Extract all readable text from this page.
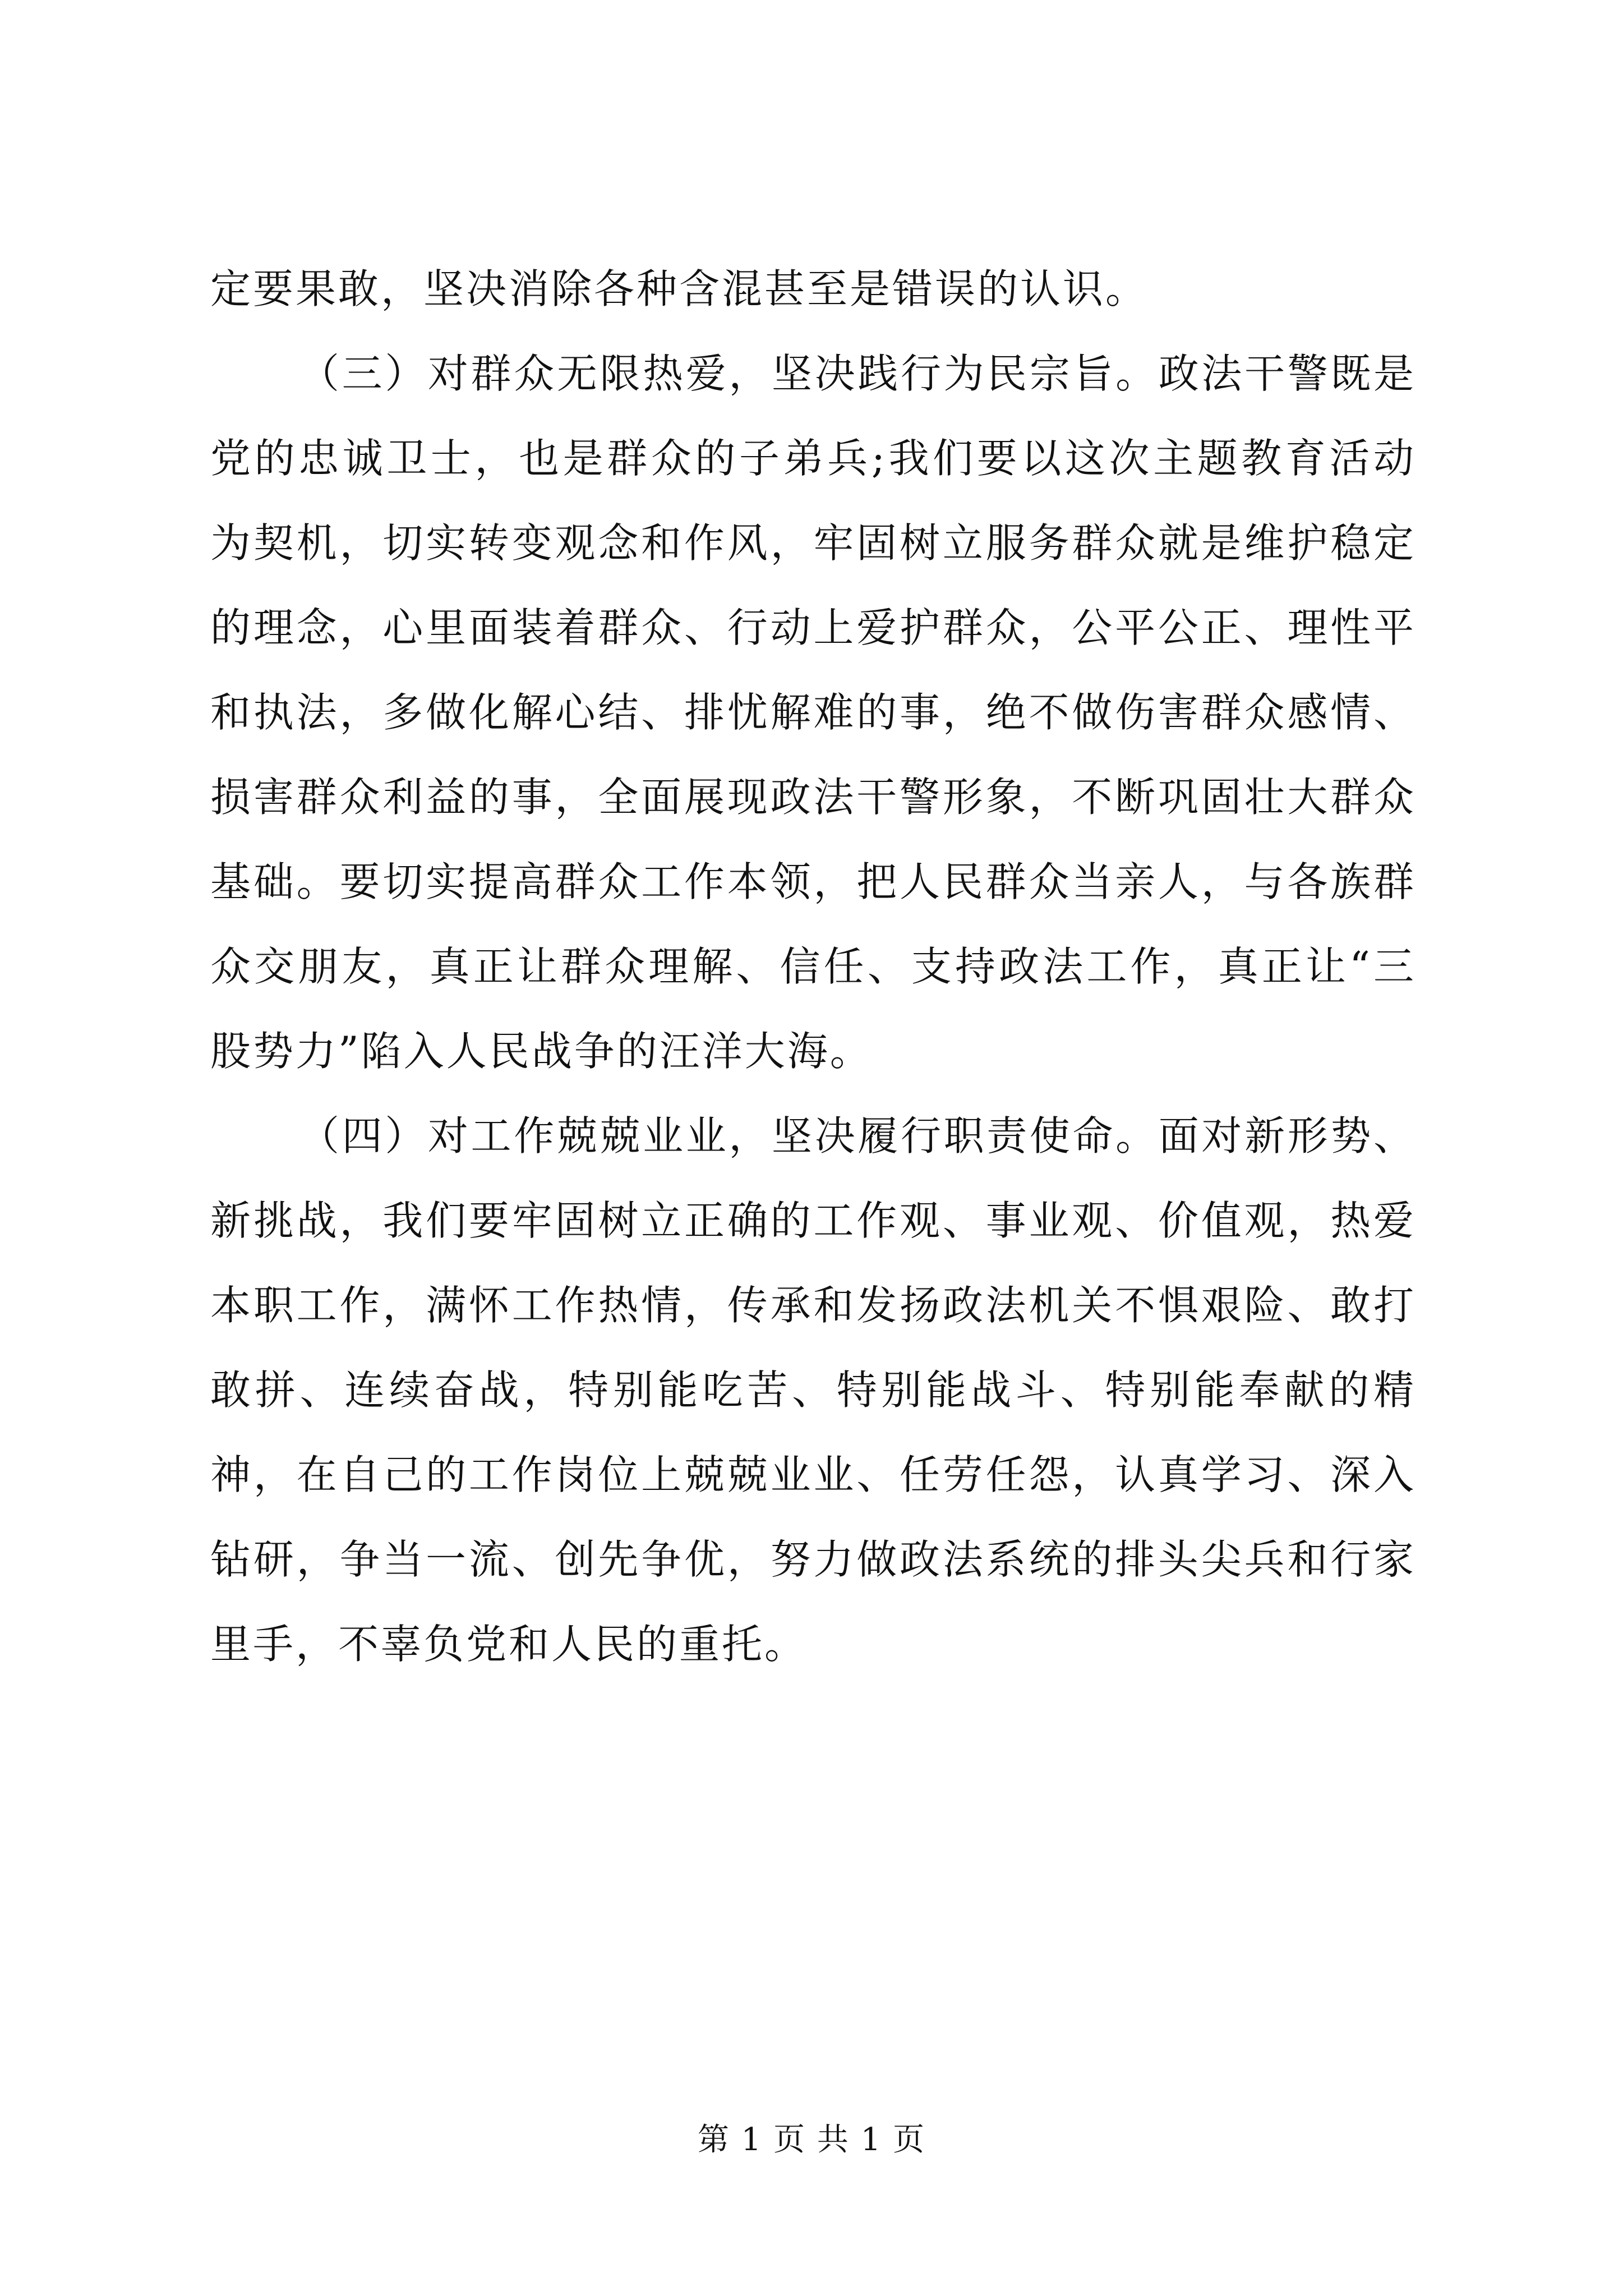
定要果敢，坚决消除各种含混甚至是错误的认识。

（三）对群众无限热爱，坚决践行为民宗旨。政法干警既是党的忠诚卫士，也是群众的子弟兵;我们要以这次主题教育活动为契机，切实转变观念和作风，牢固树立服务群众就是维护稳定的理念，心里面装着群众、行动上爱护群众，公平公正、理性平和执法，多做化解心结、排忧解难的事，绝不做伤害群众感情、损害群众利益的事，全面展现政法干警形象，不断巩固壮大群众基础。要切实提高群众工作本领，把人民群众当亲人，与各族群众交朋友，真正让群众理解、信任、支持政法工作，真正让“三股势力”陷入人民战争的汪洋大海。

（四）对工作兢兢业业，坚决履行职责使命。面对新形势、新挑战，我们要牢固树立正确的工作观、事业观、价值观，热爱本职工作，满怀工作热情，传承和发扬政法机关不惧艰险、敢打敢拼、连续奋战，特别能吃苦、特别能战斗、特别能奉献的精神，在自己的工作岗位上兢兢业业、任劳任怨，认真学习、深入钻研，争当一流、创先争优，努力做政法系统的排头尖兵和行家里手，不辜负党和人民的重托。

第 1 页 共 1 页
